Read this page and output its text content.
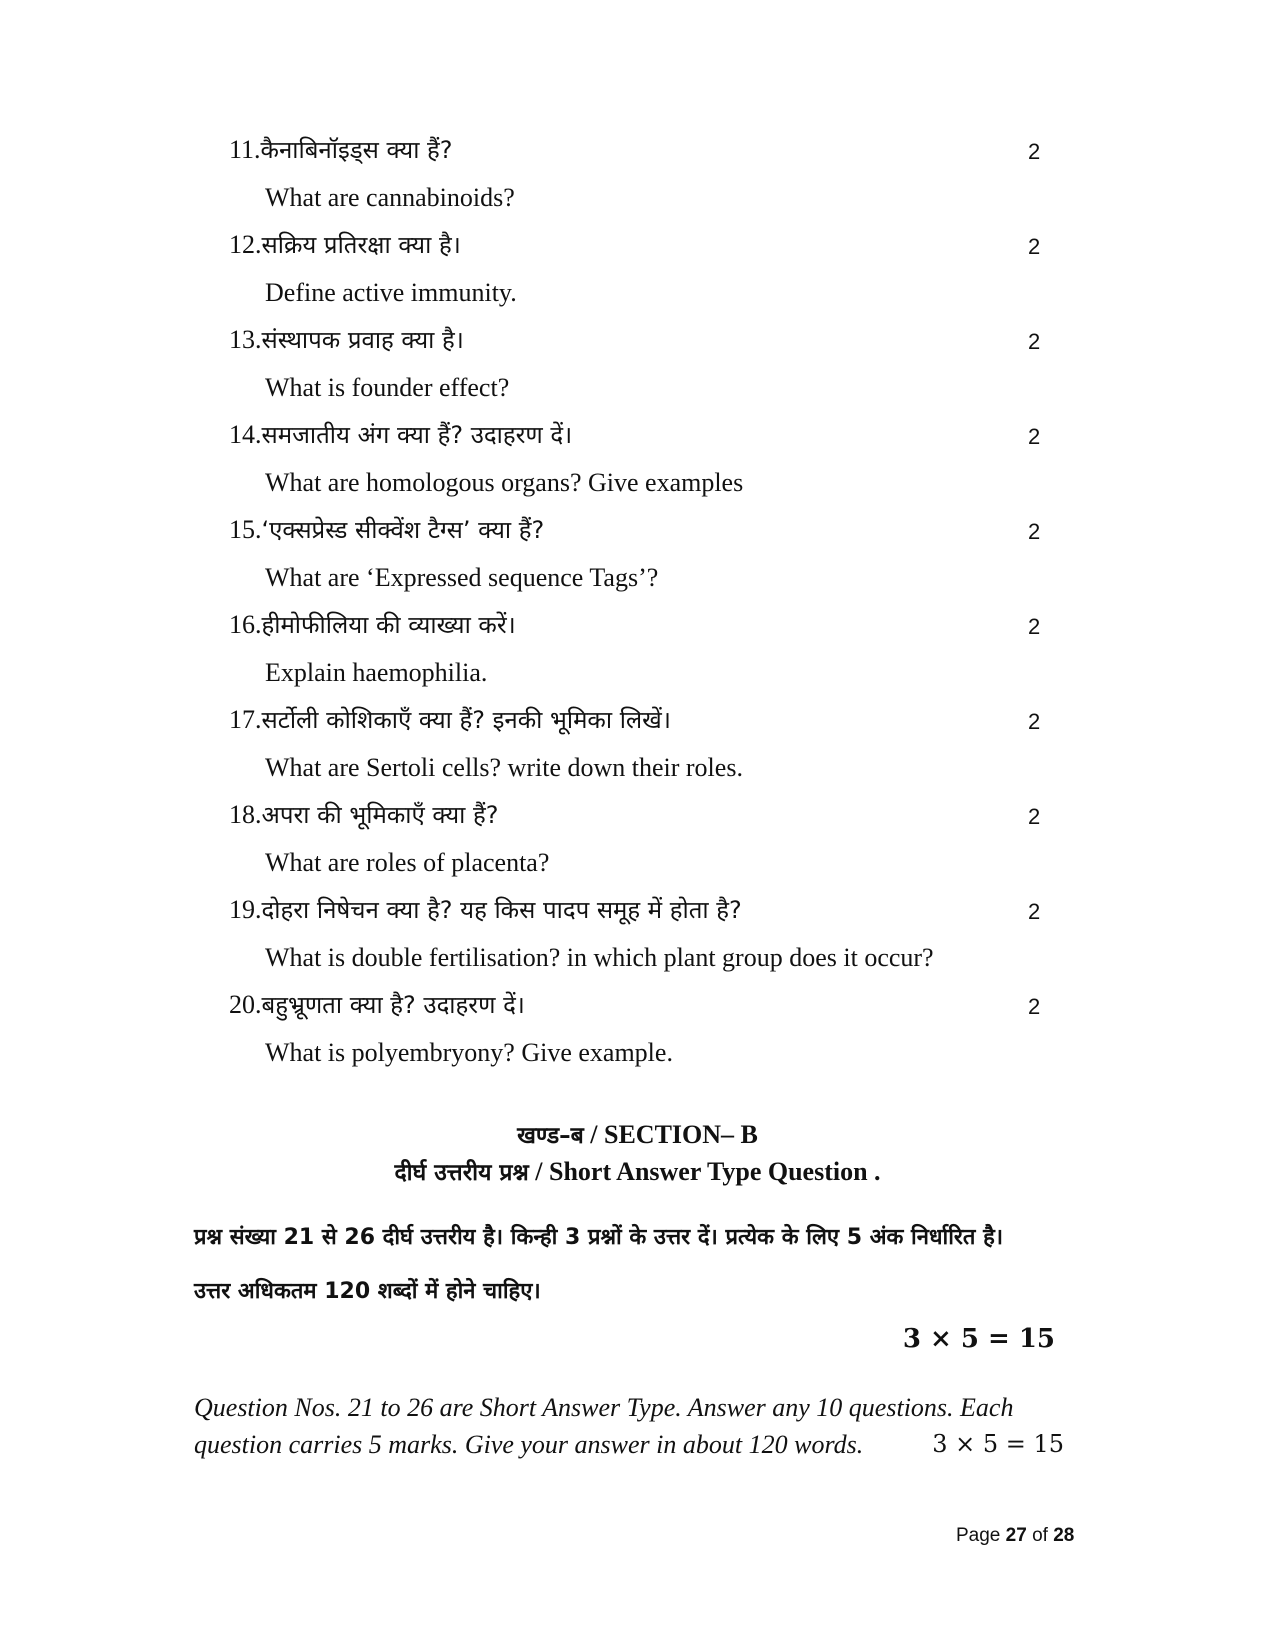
11.कैनाबिनॉइड्स क्या हैं?	2
What are cannabinoids?
12.सक्रिय प्रतिरक्षा क्या है।	2
Define active immunity.
13.संस्थापक प्रवाह क्या है।	2
What is founder effect?
14.समजातीय अंग क्या हैं? उदाहरण दें।	2
What are homologous organs? Give examples
15.‘एक्सप्रेस्ड सीक्वेंश टैग्स’ क्या हैं?	2
What are ‘Expressed sequence Tags’?
16.हीमोफीलिया की व्याख्या करें।	2
Explain haemophilia.
17.सर्टोली कोशिकाएँ क्या हैं? इनकी भूमिका लिखें।	2
What are Sertoli cells? write down their roles.
18.अपरा की भूमिकाएँ क्या हैं?	2
What are roles of placenta?
19.दोहरा निषेचन क्या है? यह किस पादप समूह में होता है?	2
What is double fertilisation? in which plant group does it occur?
20.बहुभ्रूणता क्या है? उदाहरण दें।	2
What is polyembryony? Give example.
खण्ड–ब / SECTION– B
दीर्घ उत्तरीय प्रश्न / Short Answer Type Question .
प्रश्न संख्या 21 से 26 दीर्घ उत्तरीय है। किन्ही 3 प्रश्नों के उत्तर दें। प्रत्येक के लिए 5 अंक निर्धारित है। उत्तर अधिकतम 120 शब्दों में होने चाहिए।
3 × 5 = 15
3 × 5 = 15
Question Nos. 21 to 26 are Short Answer Type. Answer any 10 questions. Each question carries 5 marks. Give your answer in about 120 words.
Page 27 of 28
